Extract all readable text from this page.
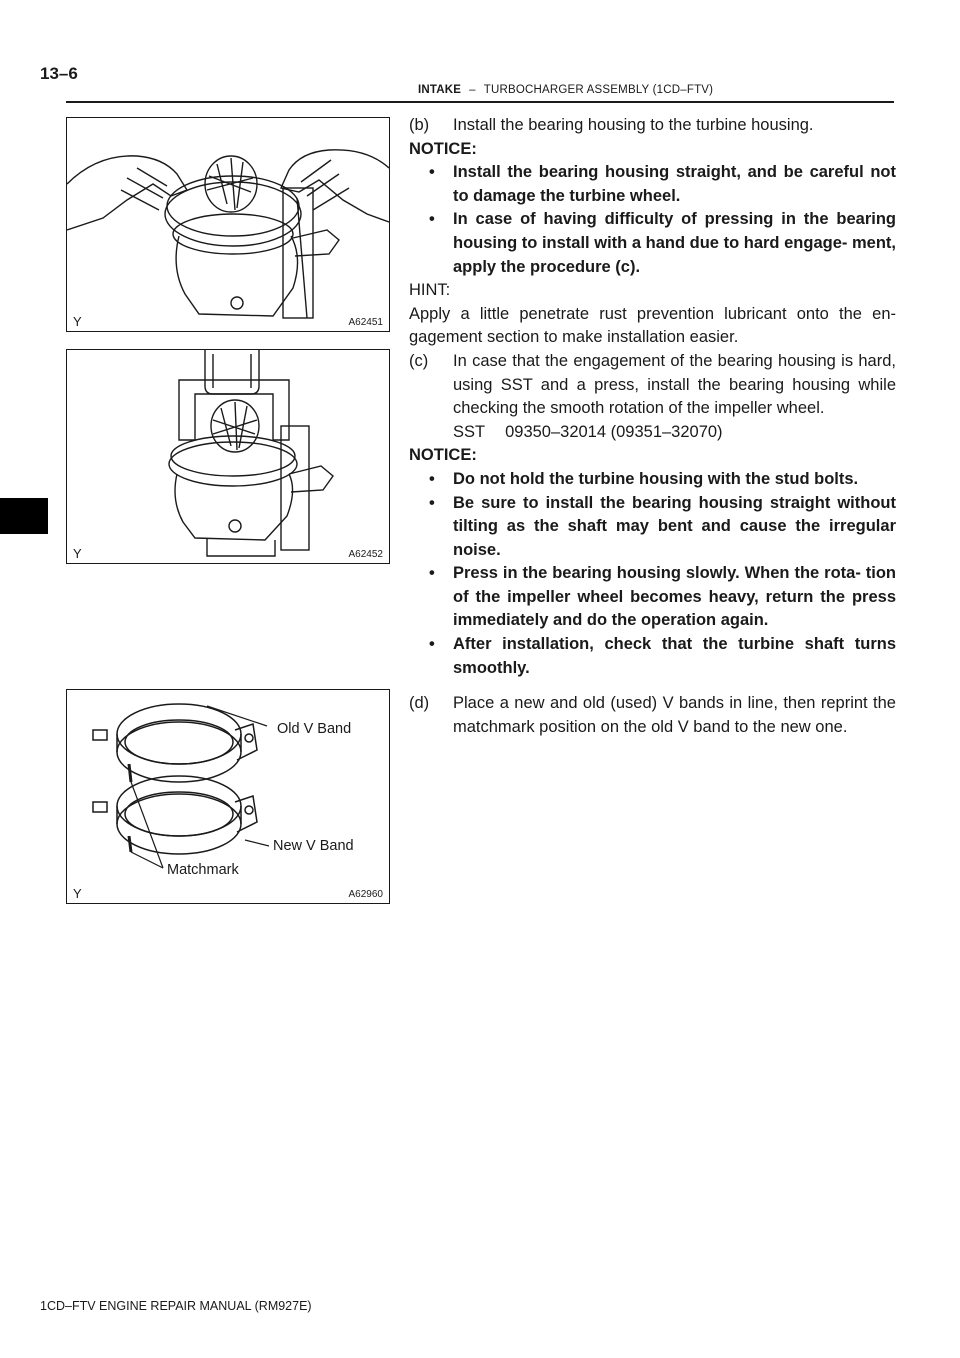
13–6
INTAKE – TURBOCHARGER ASSEMBLY (1CD–FTV)
Y	A62451
Y	A62452
Old V Band
New V Band
Matchmark
Y	A62960

(b) Install the bearing housing to the turbine housing.

NOTICE:

• Install the bearing housing straight, and be careful not to damage the turbine wheel.

• In case of having difficulty of pressing in the bearing housing to install with a hand due to hard engage- ment, apply the procedure (c).

HINT:

Apply a little penetrate rust prevention lubricant onto the en- gagement section to make installation easier.

(c) In case that the engagement of the bearing housing is hard, using SST and a press, install the bearing housing while checking the smooth rotation of the impeller wheel.

SST 09350–32014 (09351–32070)

NOTICE:

• Do not hold the turbine housing with the stud bolts.

• Be sure to install the bearing housing straight without tilting as the shaft may bent and cause the irregular noise.

• Press in the bearing housing slowly. When the rota- tion of the impeller wheel becomes heavy, return the press immediately and do the operation again.

• After installation, check that the turbine shaft turns smoothly.

(d) Place a new and old (used) V bands in line, then reprint the matchmark position on the old V band to the new one.

1CD–FTV ENGINE REPAIR MANUAL (RM927E)
